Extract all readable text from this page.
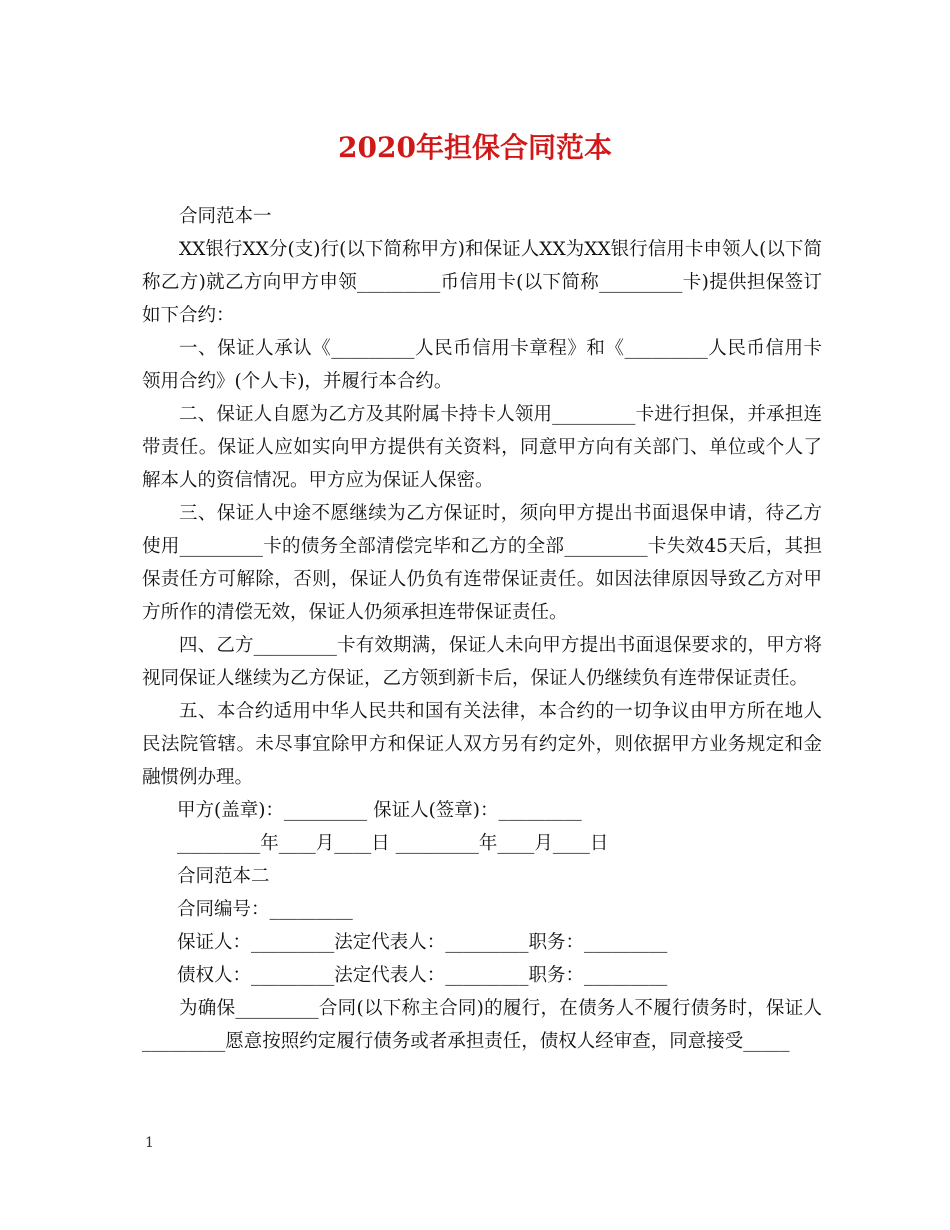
2020年担保合同范本

合同范本一

XX银行XX分(支)行(以下简称甲方)和保证人XX为XX银行信用卡申领人(以下简称乙方)就乙方向甲方申领_________币信用卡(以下简称_________卡)提供担保签订如下合约：

一、保证人承认《_________人民币信用卡章程》和《_________人民币信用卡领用合约》(个人卡)，并履行本合约。

二、保证人自愿为乙方及其附属卡持卡人领用_________卡进行担保，并承担连带责任。保证人应如实向甲方提供有关资料，同意甲方向有关部门、单位或个人了解本人的资信情况。甲方应为保证人保密。

三、保证人中途不愿继续为乙方保证时，须向甲方提出书面退保申请，待乙方使用_________卡的债务全部清偿完毕和乙方的全部_________卡失效45天后，其担保责任方可解除，否则，保证人仍负有连带保证责任。如因法律原因导致乙方对甲方所作的清偿无效，保证人仍须承担连带保证责任。

四、乙方_________卡有效期满，保证人未向甲方提出书面退保要求的，甲方将视同保证人继续为乙方保证，乙方领到新卡后，保证人仍继续负有连带保证责任。

五、本合约适用中华人民共和国有关法律，本合约的一切争议由甲方所在地人民法院管辖。未尽事宜除甲方和保证人双方另有约定外，则依据甲方业务规定和金融惯例办理。

甲方(盖章)：_________ 保证人(签章)：_________

_________年____月____日 _________年____月____日

合同范本二

合同编号：_________

保证人：_________法定代表人：_________职务：_________

债权人：_________法定代表人：_________职务：_________

为确保_________合同(以下称主合同)的履行，在债务人不履行债务时，保证人_________愿意按照约定履行债务或者承担责任，债权人经审查，同意接受_____

1
